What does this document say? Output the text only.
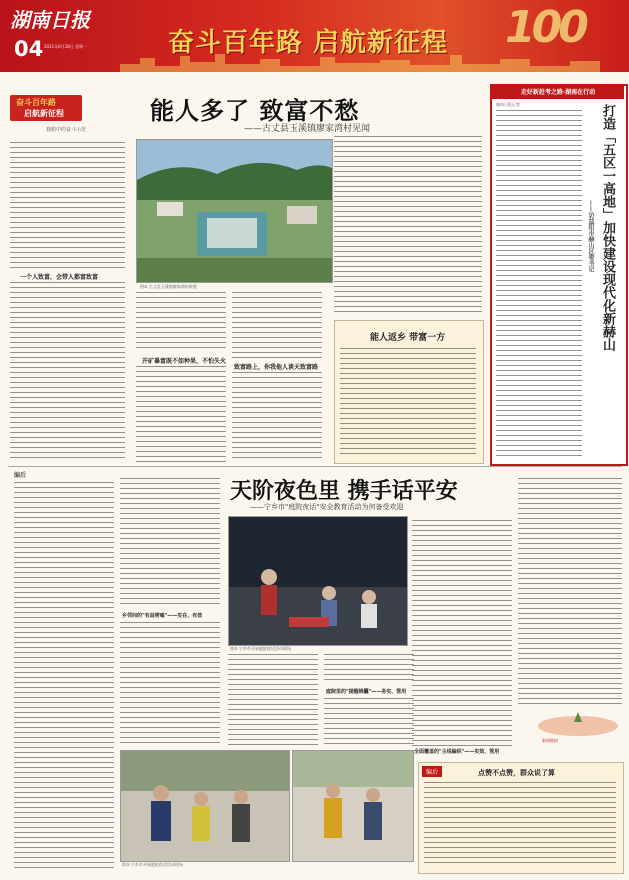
湖南日报
04 2021年6月28日 星期一	奋斗百年路 启航新征程 100
奋斗百年路
启航新征程
我眼中的奋斗示范
能人多了 致富不愁
——古丈县玉溪镇廖家湾村见闻
一个人致富，会带人都富致富
图① 古丈县玉溪镇廖家湾村新貌
开矿暴富既不如种果，不怕失火
致富路上，你我他人谈天致富路
能人返乡 带富一方
走好新赶考之路·湖南在行动
湖南日报记者	打造「五区一高地」加快建设现代化新赫山
——访益阳市赫山区委书记
编后
天阶夜色里 携手话平安
——宁乡市"庭院夜话"安全教育活动为何备受欢迎
乡邻间的"有益唠嗑"——实在、有效
图③ 宁乡市开展庭院夜话活动现场
庭院里的"提醒锦囊"——务实、管用
全面覆盖的"主线编织"——实效、管用
图③ 宁乡市开展庭院夜话活动现场
编后	点赞不点赞，群众说了算
新闻链接
